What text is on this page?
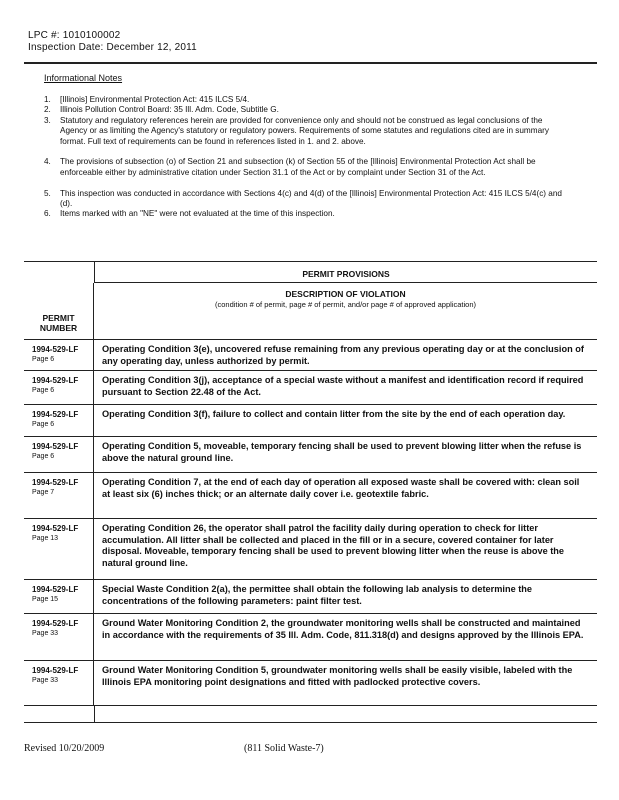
LPC #: 1010100002
Inspection Date: December 12, 2011
Informational Notes
1.	[Illinois] Environmental Protection Act: 415 ILCS 5/4.
2.	Illinois Pollution Control Board: 35 Ill. Adm. Code, Subtitle G.
3.	Statutory and regulatory references herein are provided for convenience only and should not be construed as legal conclusions of the Agency or as limiting the Agency's statutory or regulatory powers. Requirements of some statutes and regulations cited are in summary format. Full text of requirements can be found in references listed in 1. and 2. above.
4.	The provisions of subsection (o) of Section 21 and subsection (k) of Section 55 of the [Illinois] Environmental Protection Act shall be enforceable either by administrative citation under Section 31.1 of the Act or by complaint under Section 31 of the Act.
5.	This inspection was conducted in accordance with Sections 4(c) and 4(d) of the [Illinois] Environmental Protection Act: 415 ILCS 5/4(c) and (d).
6.	Items marked with an "NE" were not evaluated at the time of this inspection.
PERMIT PROVISIONS
PERMIT NUMBER
DESCRIPTION OF VIOLATION
(condition # of permit, page # of permit, and/or page # of approved application)
1994-529-LF
Page 6
Operating Condition 3(e), uncovered refuse remaining from any previous operating day or at the conclusion of any operating day, unless authorized by permit.
1994-529-LF
Page 6
Operating Condition 3(j), acceptance of a special waste without a manifest and identification record if required pursuant to Section 22.48 of the Act.
1994-529-LF
Page 6
Operating Condition 3(f), failure to collect and contain litter from the site by the end of each operation day.
1994-529-LF
Page 6
Operating Condition 5, moveable, temporary fencing shall be used to prevent blowing litter when the refuse is above the natural ground line.
1994-529-LF
Page 7
Operating Condition 7, at the end of each day of operation all exposed waste shall be covered with: clean soil at least six (6) inches thick; or an alternate daily cover i.e. geotextile fabric.
1994-529-LF
Page 13
Operating Condition 26, the operator shall patrol the facility daily during operation to check for litter accumulation. All litter shall be collected and placed in the fill or in a secure, covered container for later disposal. Moveable, temporary fencing shall be used to prevent blowing litter when the reuse is above the natural ground line.
1994-529-LF
Page 15
Special Waste Condition 2(a), the permittee shall obtain the following lab analysis to determine the concentrations of the following parameters: paint filter test.
1994-529-LF
Page 33
Ground Water Monitoring Condition 2, the groundwater monitoring wells shall be constructed and maintained in accordance with the requirements of 35 Ill. Adm. Code, 811.318(d) and designs approved by the Illinois EPA.
1994-529-LF
Page 33
Ground Water Monitoring Condition 5, groundwater monitoring wells shall be easily visible, labeled with the Illinois EPA monitoring point designations and fitted with padlocked protective covers.
Revised 10/20/2009	(811 Solid Waste-7)
